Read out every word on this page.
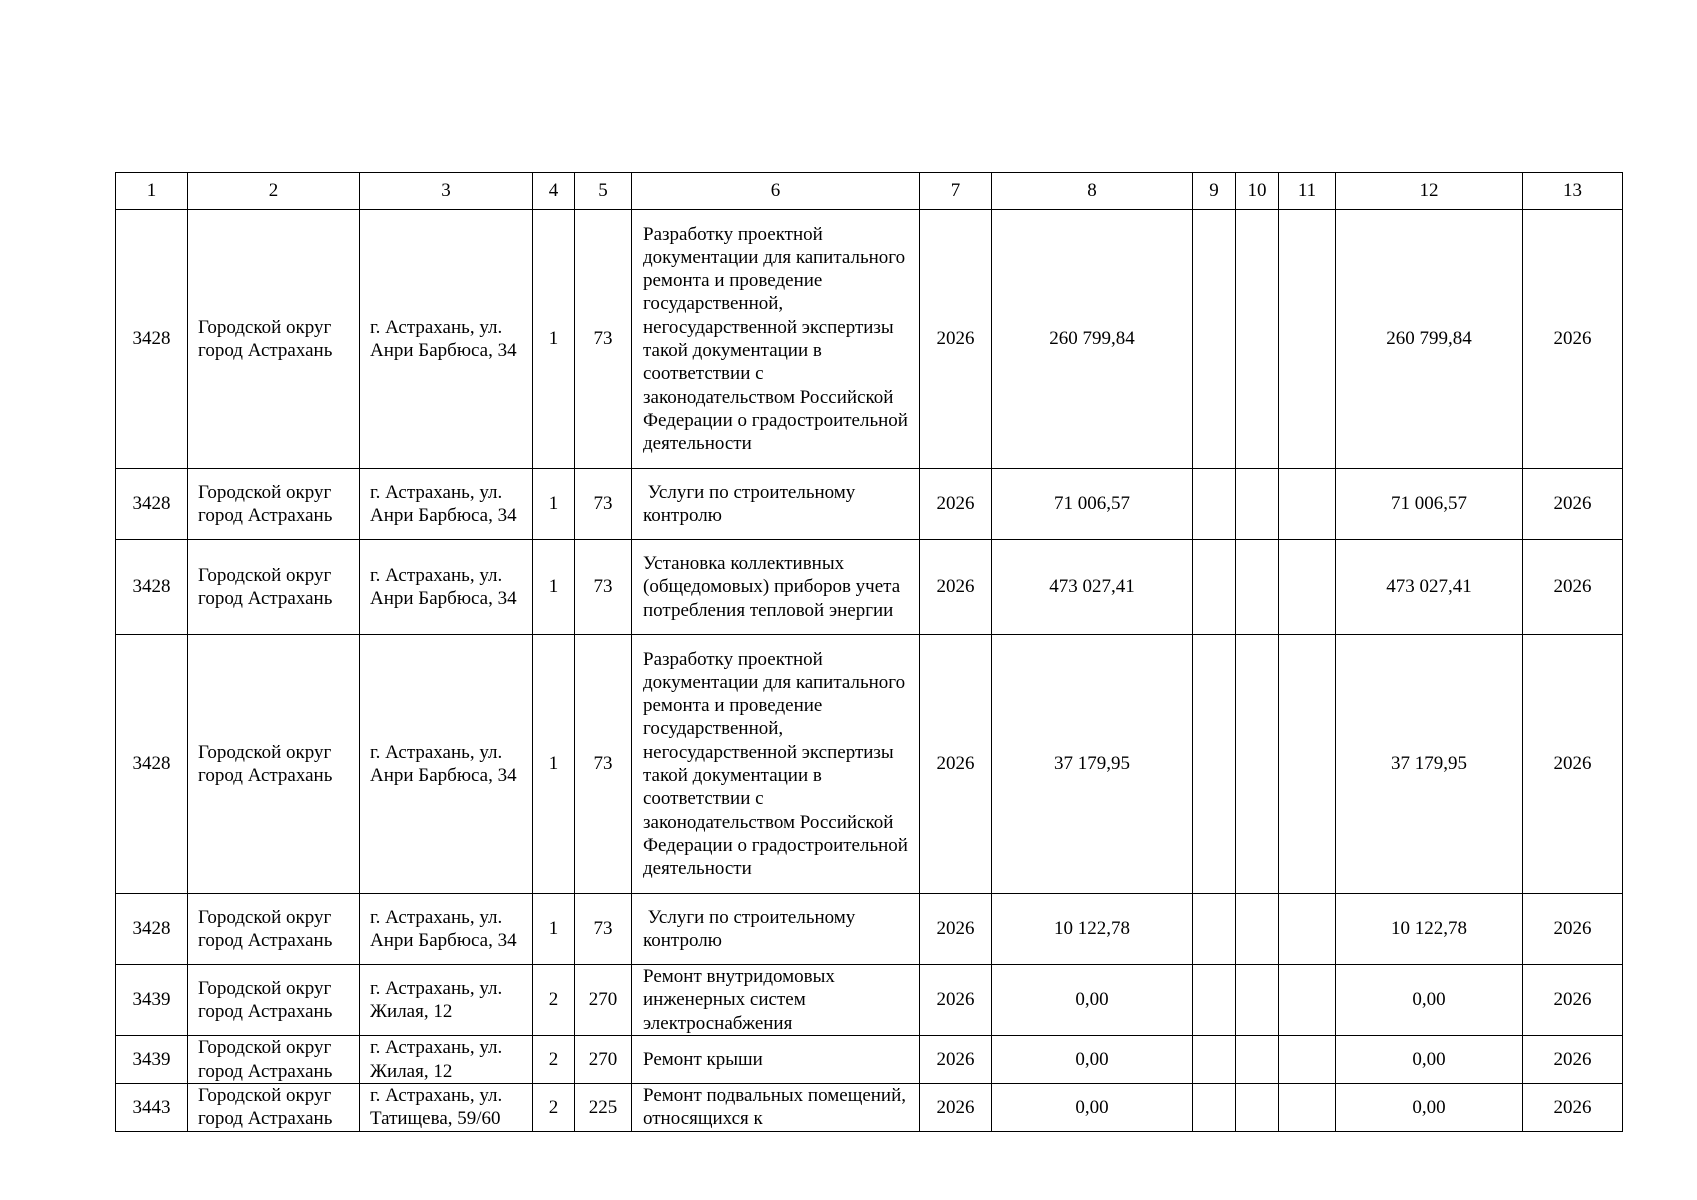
1	2	3	4	5	6	7	8	9	10	11	12	13
3428	Городской округ город Астрахань	г. Астрахань, ул. Анри Барбюса, 34	1	73	Разработку проектной документации для капитального ремонта и проведение государственной, негосударственной экспертизы такой документации в соответствии с законодательством Российской Федерации о градостроительной деятельности	2026	260 799,84				260 799,84	2026
3428	Городской округ город Астрахань	г. Астрахань, ул. Анри Барбюса, 34	1	73	Услуги по строительному контролю	2026	71 006,57				71 006,57	2026
3428	Городской округ город Астрахань	г. Астрахань, ул. Анри Барбюса, 34	1	73	Установка коллективных (общедомовых) приборов учета потребления тепловой энергии	2026	473 027,41				473 027,41	2026
3428	Городской округ город Астрахань	г. Астрахань, ул. Анри Барбюса, 34	1	73	Разработку проектной документации для капитального ремонта и проведение государственной, негосударственной экспертизы такой документации в соответствии с законодательством Российской Федерации о градостроительной деятельности	2026	37 179,95				37 179,95	2026
3428	Городской округ город Астрахань	г. Астрахань, ул. Анри Барбюса, 34	1	73	Услуги по строительному контролю	2026	10 122,78				10 122,78	2026
3439	Городской округ город Астрахань	г. Астрахань, ул. Жилая, 12	2	270	Ремонт внутридомовых инженерных систем электроснабжения	2026	0,00				0,00	2026
3439	Городской округ город Астрахань	г. Астрахань, ул. Жилая, 12	2	270	Ремонт крыши	2026	0,00				0,00	2026
3443	Городской округ город Астрахань	г. Астрахань, ул. Татищева, 59/60	2	225	Ремонт подвальных помещений, относящихся к	2026	0,00				0,00	2026
